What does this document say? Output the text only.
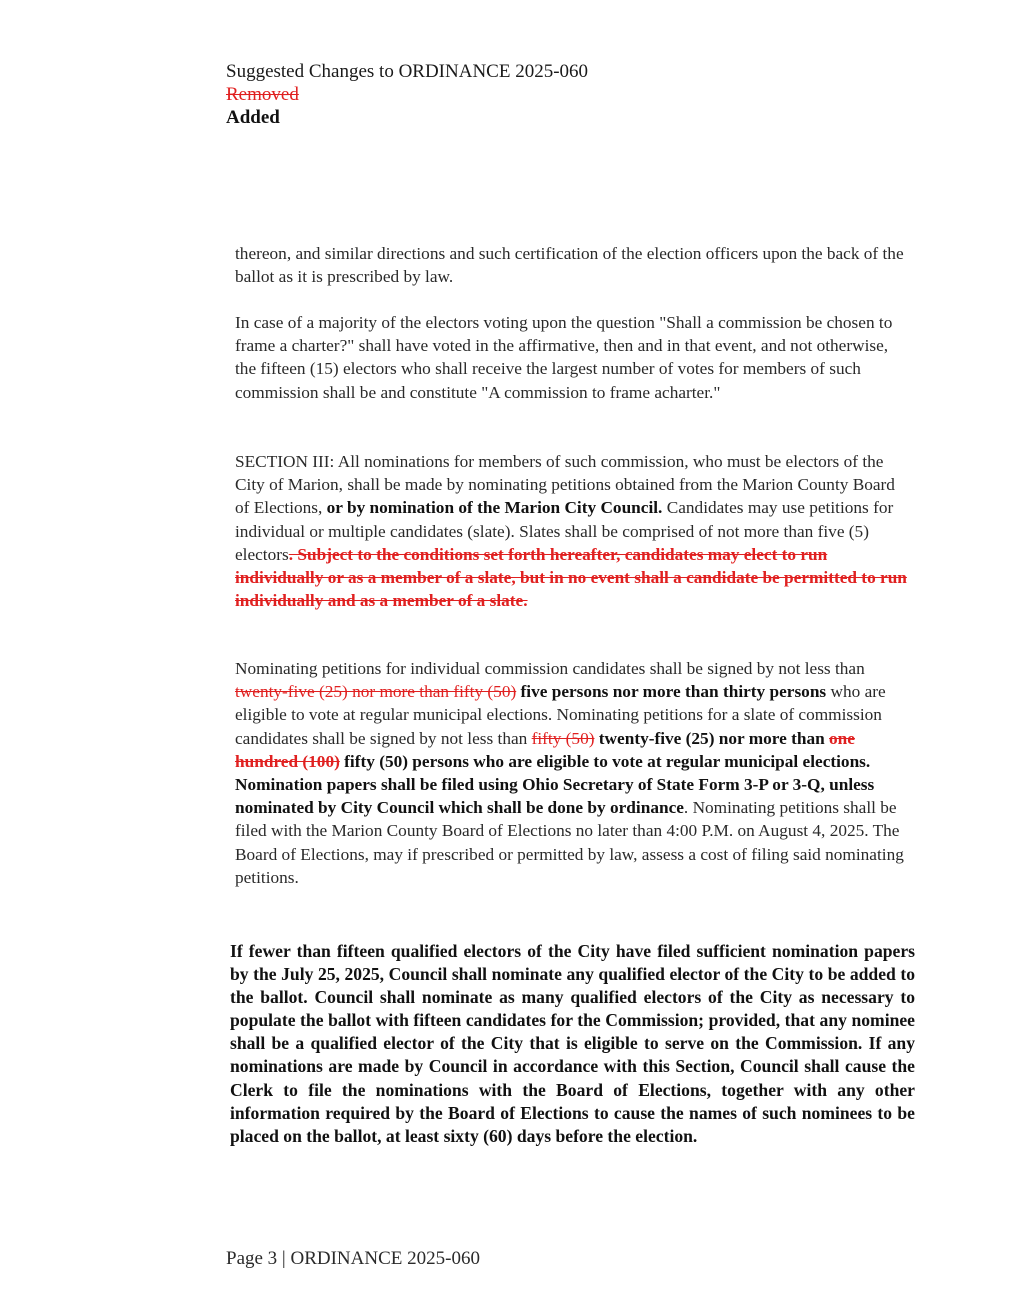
Suggested Changes to ORDINANCE 2025-060
Removed
Added

thereon, and similar directions and such certification of the election officers upon the back of the ballot as it is prescribed by law.

In case of a majority of the electors voting upon the question "Shall a commission be chosen to frame a charter?" shall have voted in the affirmative, then and in that event, and not otherwise, the fifteen (15) electors who shall receive the largest number of votes for members of such commission shall be and constitute "A commission to frame acharter."

SECTION III: All nominations for members of such commission, who must be electors of the City of Marion, shall be made by nominating petitions obtained from the Marion County Board of Elections, or by nomination of the Marion City Council. Candidates may use petitions for individual or multiple candidates (slate). Slates shall be comprised of not more than five (5) electors. Subject to the conditions set forth hereafter, candidates may elect to run individually or as a member of a slate, but in no event shall a candidate be permitted to run individually and as a member of a slate.

Nominating petitions for individual commission candidates shall be signed by not less than twenty-five (25) nor more than fifty (50) five persons nor more than thirty persons who are eligible to vote at regular municipal elections. Nominating petitions for a slate of commission candidates shall be signed by not less than fifty (50) twenty-five (25) nor more than one hundred (100) fifty (50) persons who are eligible to vote at regular municipal elections. Nomination papers shall be filed using Ohio Secretary of State Form 3-P or 3-Q, unless nominated by City Council which shall be done by ordinance. Nominating petitions shall be filed with the Marion County Board of Elections no later than 4:00 P.M. on August 4, 2025. The Board of Elections, may if prescribed or permitted by law, assess a cost of filing said nominating petitions.

If fewer than fifteen qualified electors of the City have filed sufficient nomination papers by the July 25, 2025, Council shall nominate any qualified elector of the City to be added to the ballot. Council shall nominate as many qualified electors of the City as necessary to populate the ballot with fifteen candidates for the Commission; provided, that any nominee shall be a qualified elector of the City that is eligible to serve on the Commission. If any nominations are made by Council in accordance with this Section, Council shall cause the Clerk to file the nominations with the Board of Elections, together with any other information required by the Board of Elections to cause the names of such nominees to be placed on the ballot, at least sixty (60) days before the election.

Page 3 | ORDINANCE 2025-060
